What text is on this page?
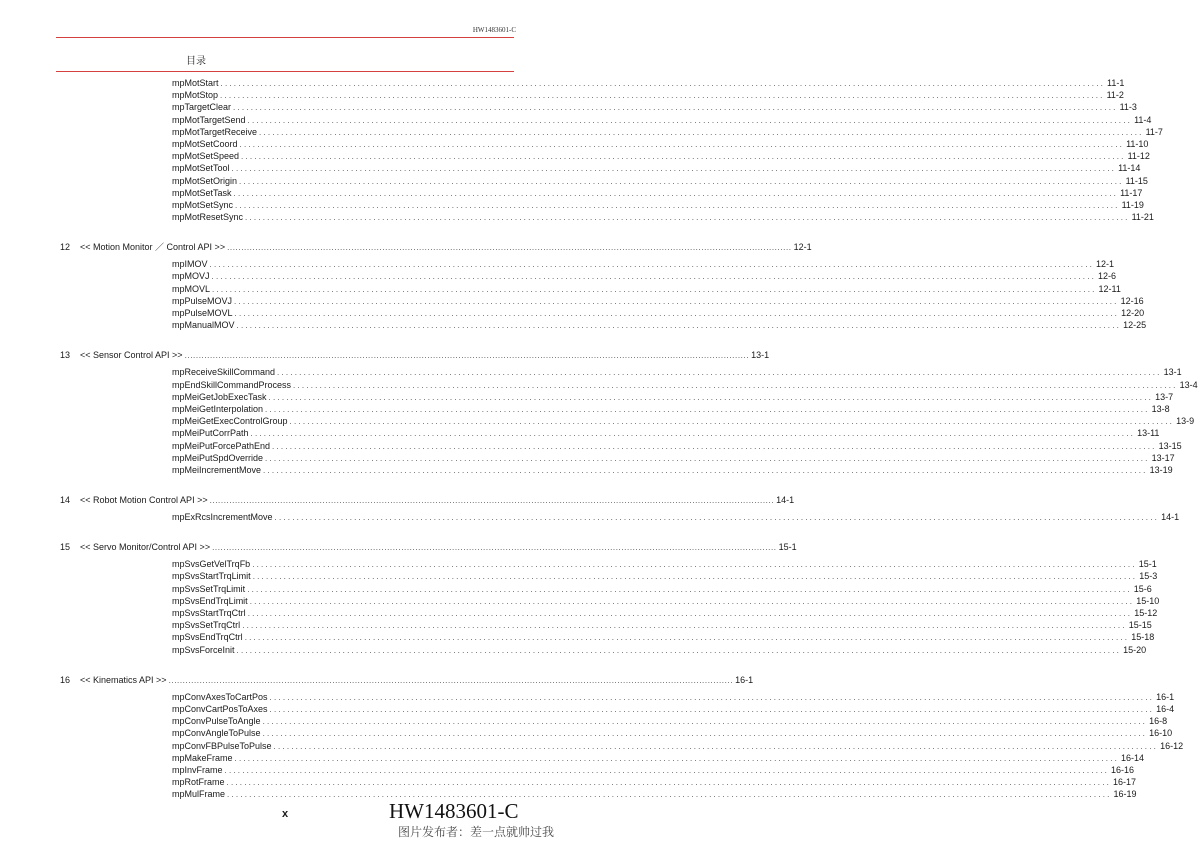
HW1483601-C
目录
mpMotStart ........................................................................................................................................................................................................ 11-1
mpMotStop ........................................................................................................................................................................................................ 11-2
mpTargetClear ........................................................................................................................................................................................................ 11-3
mpMotTargetSend ........................................................................................................................................................................................................ 11-4
mpMotTargetReceive ........................................................................................................................................................................................................ 11-7
mpMotSetCoord ........................................................................................................................................................................................................ 11-10
mpMotSetSpeed ........................................................................................................................................................................................................ 11-12
mpMotSetTool ........................................................................................................................................................................................................ 11-14
mpMotSetOrigin ........................................................................................................................................................................................................ 11-15
mpMotSetTask ........................................................................................................................................................................................................ 11-17
mpMotSetSync ........................................................................................................................................................................................................ 11-19
mpMotResetSync ........................................................................................................................................................................................................ 11-21
12 << Motion Monitor ／ Control API >> ........................................................................................................................................................................................................ 12-1
mpIMOV ........................................................................................................................................................................................................ 12-1
mpMOVJ ........................................................................................................................................................................................................ 12-6
mpMOVL ........................................................................................................................................................................................................ 12-11
mpPulseMOVJ ........................................................................................................................................................................................................ 12-16
mpPulseMOVL ........................................................................................................................................................................................................ 12-20
mpManualMOV ........................................................................................................................................................................................................ 12-25
13 << Sensor Control API >> ........................................................................................................................................................................................................ 13-1
mpReceiveSkillCommand ........................................................................................................................................................................................................ 13-1
mpEndSkillCommandProcess ........................................................................................................................................................................................................ 13-4
mpMeiGetJobExecTask ........................................................................................................................................................................................................ 13-7
mpMeiGetInterpolation ........................................................................................................................................................................................................ 13-8
mpMeiGetExecControlGroup ........................................................................................................................................................................................................ 13-9
mpMeiPutCorrPath ........................................................................................................................................................................................................ 13-11
mpMeiPutForcePathEnd ........................................................................................................................................................................................................ 13-15
mpMeiPutSpdOverride ........................................................................................................................................................................................................ 13-17
mpMeiIncrementMove ........................................................................................................................................................................................................ 13-19
14 << Robot Motion Control API >> ........................................................................................................................................................................................................ 14-1
mpExRcsIncrementMove ........................................................................................................................................................................................................ 14-1
15 << Servo Monitor/Control API >> ........................................................................................................................................................................................................ 15-1
mpSvsGetVelTrqFb ........................................................................................................................................................................................................ 15-1
mpSvsStartTrqLimit ........................................................................................................................................................................................................ 15-3
mpSvsSetTrqLimit ........................................................................................................................................................................................................ 15-6
mpSvsEndTrqLimit ........................................................................................................................................................................................................ 15-10
mpSvsStartTrqCtrl ........................................................................................................................................................................................................ 15-12
mpSvsSetTrqCtrl ........................................................................................................................................................................................................ 15-15
mpSvsEndTrqCtrl ........................................................................................................................................................................................................ 15-18
mpSvsForceInit ........................................................................................................................................................................................................ 15-20
16 << Kinematics API >> ........................................................................................................................................................................................................ 16-1
mpConvAxesToCartPos ........................................................................................................................................................................................................ 16-1
mpConvCartPosToAxes ........................................................................................................................................................................................................ 16-4
mpConvPulseToAngle ........................................................................................................................................................................................................ 16-8
mpConvAngleToPulse ........................................................................................................................................................................................................ 16-10
mpConvFBPulseToPulse ........................................................................................................................................................................................................ 16-12
mpMakeFrame ........................................................................................................................................................................................................ 16-14
mpInvFrame ........................................................................................................................................................................................................ 16-16
mpRotFrame ........................................................................................................................................................................................................ 16-17
mpMulFrame ........................................................................................................................................................................................................ 16-19
x	HW1483601-C
图片发布者：差一点就帅过我
